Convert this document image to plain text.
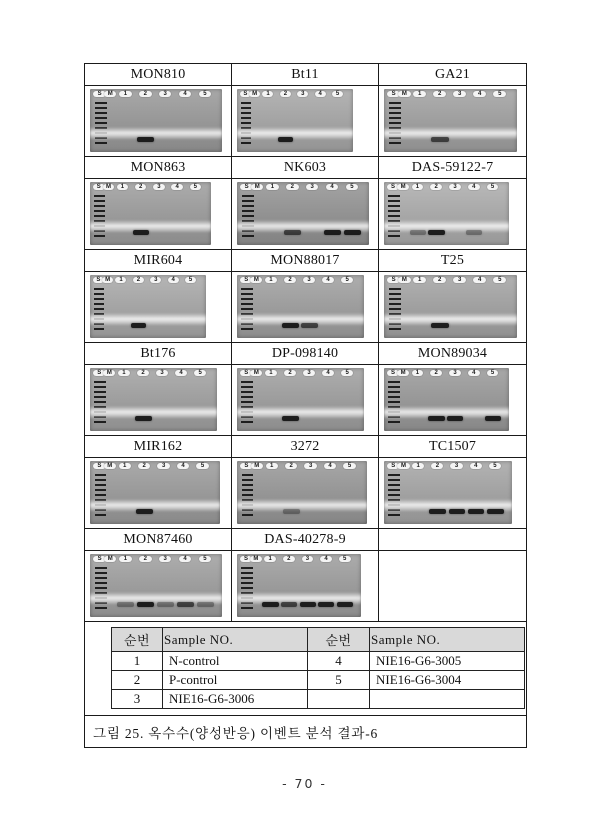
MON810	Bt11	GA21
S	M	1	2	3	4	5	S M	1	2	3	4	5	S	M	1	2	3	4	5
MON863	NK603	DAS-59122-7
S M	1	2	3	4	5	S	M	1	2	3	4	5	S M	1	2	3	4	5
MIR604	MON88017	T25
S M	1	2	3	4	5	S M	1	2	3	4	5	S	M	1	2	3	4	5
Bt176	DP-098140	MON89034
S M	1	2	3	4	5	S M	1	2	3	4	5	S M	1	2	3	4	5
MIR162	3272	TC1507
S M	1	2	3	4	5	S M	1	2	3	4	5	S M	1	2	3	4	5
MON87460	DAS-40278-9
S	M	1	2	3	4	5	S M	1	2	3	4	5
순번	Sample NO.	순번	Sample NO.
1	N-control	4	NIE16-G6-3005
2	P-control	5	NIE16-G6-3004
3	NIE16-G6-3006		
그림 25. 옥수수(양성반응) 이벤트 분석 결과-6
- 70 -
